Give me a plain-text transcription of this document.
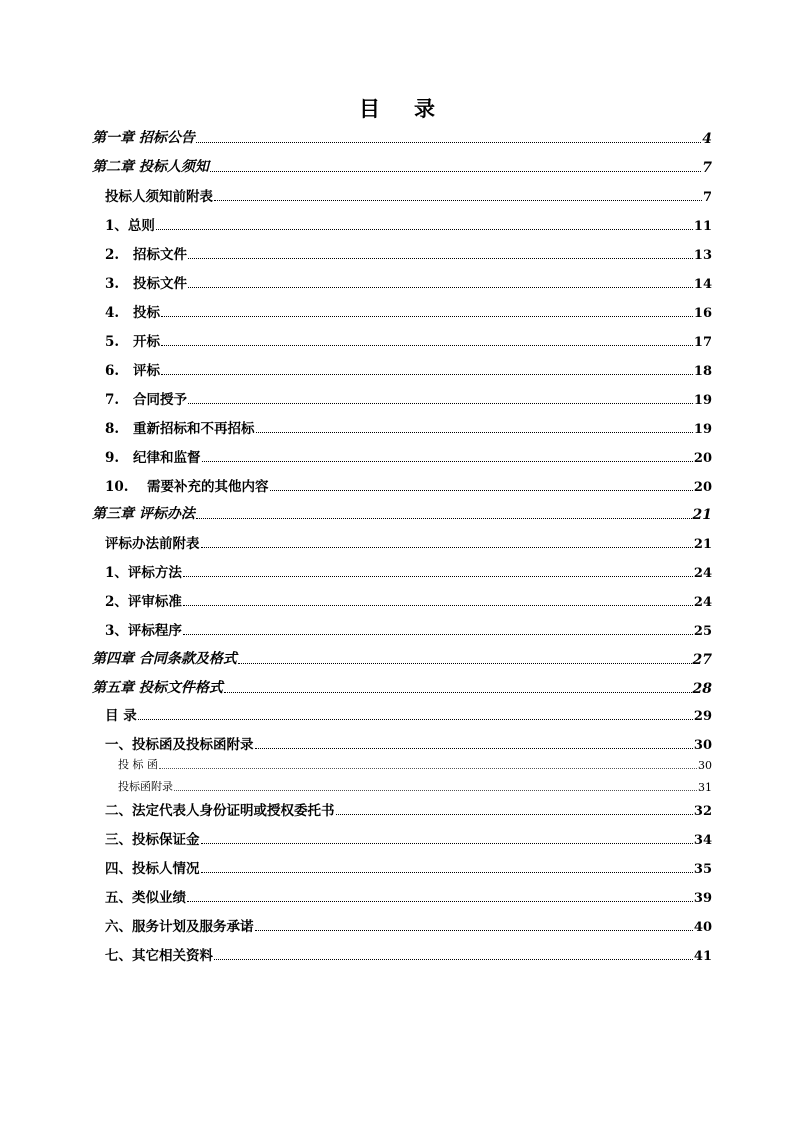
目 录
第一章 招标公告	4
第二章 投标人须知	7
投标人须知前附表	7
1、总则	11
2. 招标文件	13
3. 投标文件	14
4. 投标	16
5. 开标	17
6. 评标	18
7. 合同授予	19
8. 重新招标和不再招标	19
9. 纪律和监督	20
10. 需要补充的其他内容	20
第三章 评标办法	21
评标办法前附表	21
1、评标方法	24
2、评审标准	24
3、评标程序	25
第四章 合同条款及格式	27
第五章 投标文件格式	28
目 录	29
一、投标函及投标函附录	30
投 标 函	30
投标函附录	31
二、法定代表人身份证明或授权委托书	32
三、投标保证金	34
四、投标人情况	35
五、类似业绩	39
六、服务计划及服务承诺	40
七、其它相关资料	41
